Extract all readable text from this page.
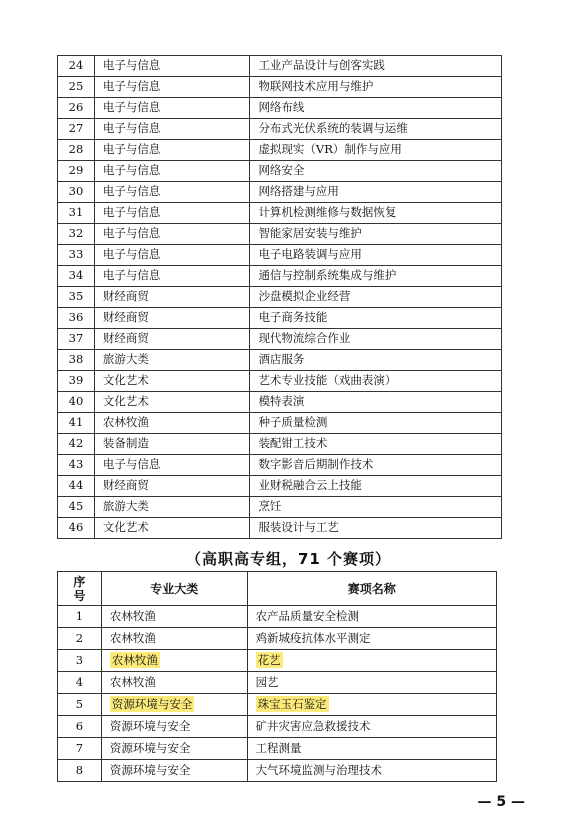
24	电子与信息	工业产品设计与创客实践
25	电子与信息	物联网技术应用与维护
26	电子与信息	网络布线
27	电子与信息	分布式光伏系统的装调与运维
28	电子与信息	虚拟现实（VR）制作与应用
29	电子与信息	网络安全
30	电子与信息	网络搭建与应用
31	电子与信息	计算机检测维修与数据恢复
32	电子与信息	智能家居安装与维护
33	电子与信息	电子电路装调与应用
34	电子与信息	通信与控制系统集成与维护
35	财经商贸	沙盘模拟企业经营
36	财经商贸	电子商务技能
37	财经商贸	现代物流综合作业
38	旅游大类	酒店服务
39	文化艺术	艺术专业技能（戏曲表演）
40	文化艺术	模特表演
41	农林牧渔	种子质量检测
42	装备制造	装配钳工技术
43	电子与信息	数字影音后期制作技术
44	财经商贸	业财税融合云上技能
45	旅游大类	烹饪
46	文化艺术	服装设计与工艺
（高职高专组，71 个赛项）
序号	专业大类	赛项名称
1	农林牧渔	农产品质量安全检测
2	农林牧渔	鸡新城疫抗体水平测定
3	农林牧渔	花艺
4	农林牧渔	园艺
5	资源环境与安全	珠宝玉石鉴定
6	资源环境与安全	矿井灾害应急救援技术
7	资源环境与安全	工程测量
8	资源环境与安全	大气环境监测与治理技术
— 5 —
